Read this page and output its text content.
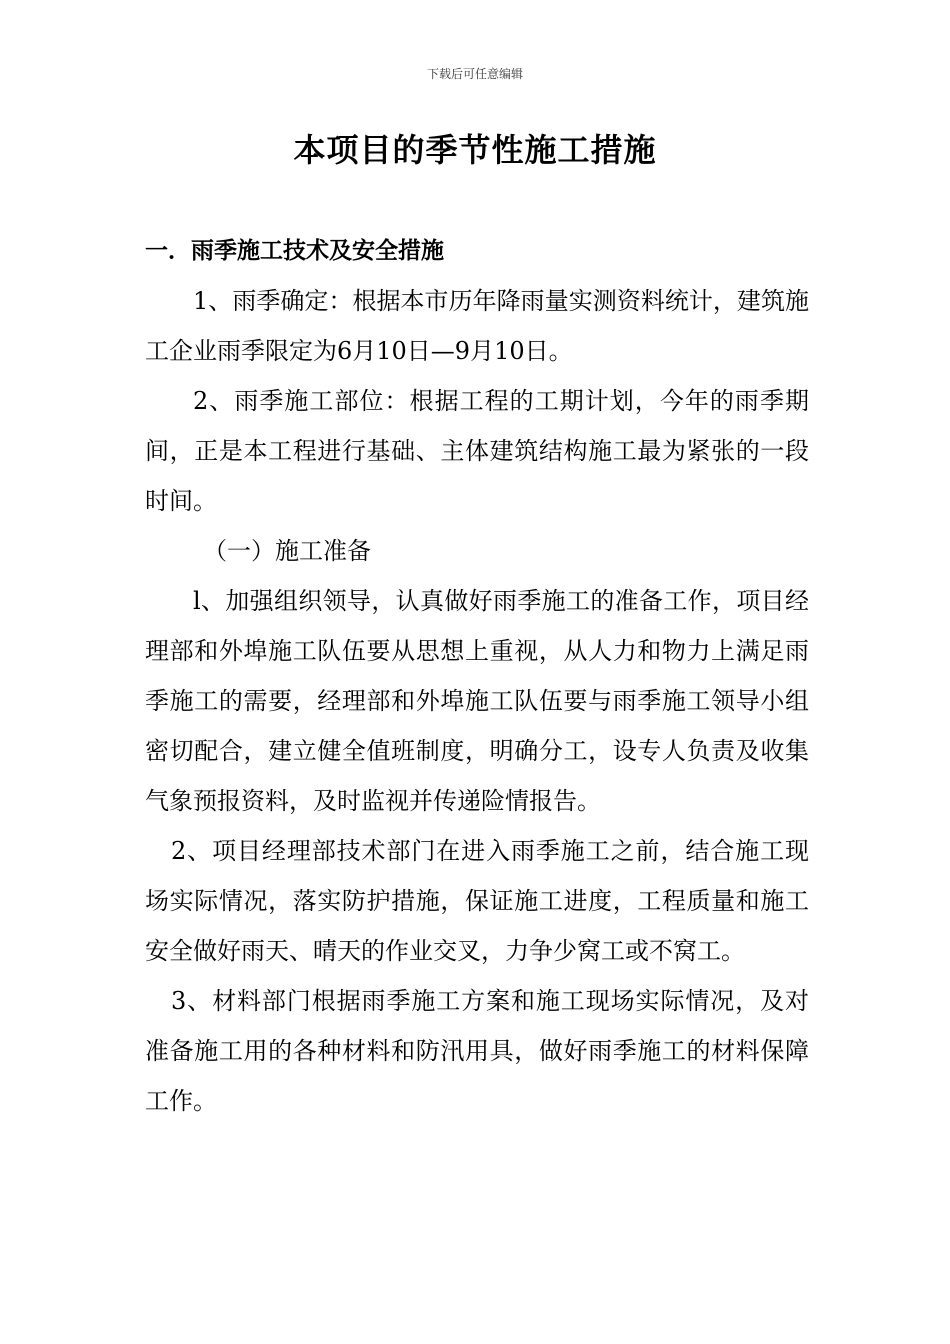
下载后可任意编辑
本项目的季节性施工措施

一．雨季施工技术及安全措施

1、雨季确定：根据本市历年降雨量实测资料统计，建筑施工企业雨季限定为6月10日—9月10日。

2、雨季施工部位：根据工程的工期计划，今年的雨季期间，正是本工程进行基础、主体建筑结构施工最为紧张的一段时间。

（一）施工准备

l、加强组织领导，认真做好雨季施工的准备工作，项目经理部和外埠施工队伍要从思想上重视，从人力和物力上满足雨季施工的需要，经理部和外埠施工队伍要与雨季施工领导小组密切配合，建立健全值班制度，明确分工，设专人负责及收集气象预报资料，及时监视并传递险情报告。

2、项目经理部技术部门在进入雨季施工之前，结合施工现场实际情况，落实防护措施，保证施工进度，工程质量和施工安全做好雨天、晴天的作业交叉，力争少窝工或不窝工。

3、材料部门根据雨季施工方案和施工现场实际情况，及对准备施工用的各种材料和防汛用具，做好雨季施工的材料保障工作。
